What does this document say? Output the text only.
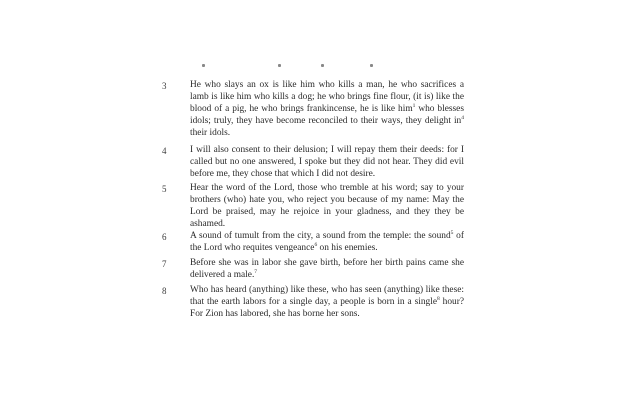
3	He who slays an ox is like him who kills a man, he who sacrifices a lamb is like him who kills a dog; he who brings fine flour, (it is) like the blood of a pig, he who brings frankincense, he is like him$^1$ who blesses idols; truly, they have become reconciled to their ways, they delight $in^4$ their idols.
4	I will also consent to their delusion; I will repay them their deeds: for I called but no one answered, I spoke but they did not hear. They did evil before me, they chose that which I did not desire.
5	Hear the word of the Lord, those who tremble at his word; say to your brothers (who) hate you, who reject you because of my name: May the Lord be praised, may he rejoice in your gladness, and they they be ashamed.
6	A sound of tumult from the city, a sound from the temple: the sound$^5$ of the Lord who requites vengeance$^6$ on his enemies.
7	Before she was in labor she gave birth, before her birth pains came she delivered a male.$^7$
8	Who has heard (anything) like these, who has seen (anything) like these: that the earth labors for a single day, a people is born in a single$^8$ hour? For Zion has labored, she has borne her sons.
